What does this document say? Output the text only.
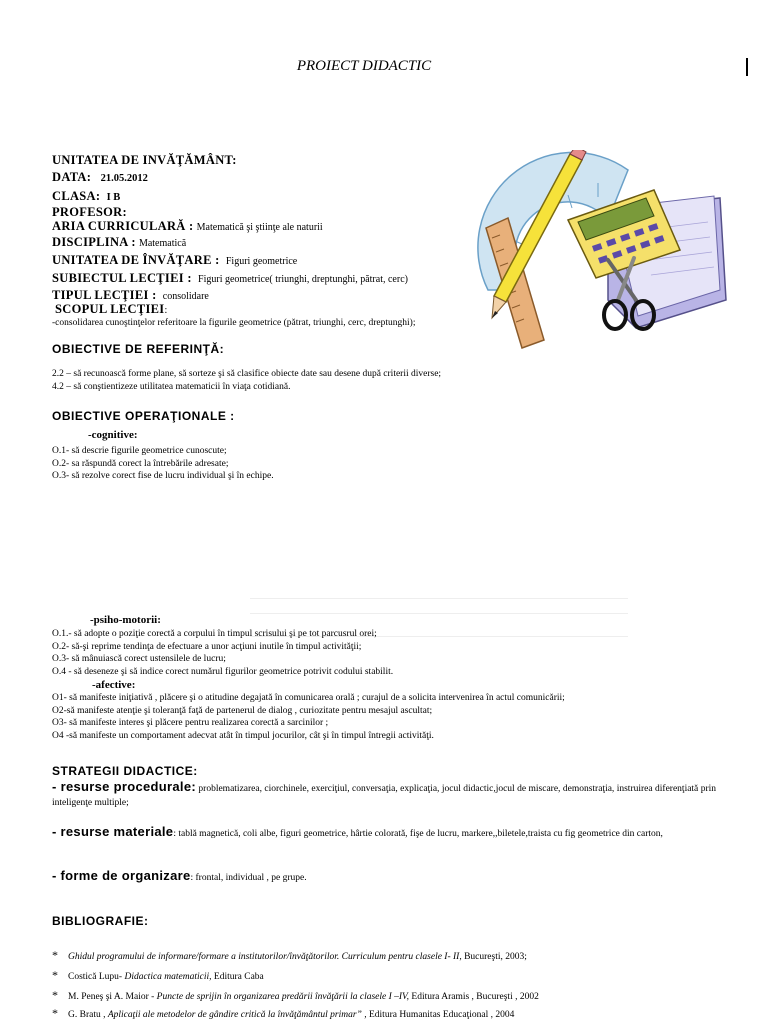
PROIECT DIDACTIC
UNITATEA DE INVĂŢĂMÂNT:
DATA: 21.05.2012
CLASA: I B
PROFESOR:
ARIA CURRICULARĂ : Matematică şi ştiinţe ale naturii
DISCIPLINA : Matematică
UNITATEA DE ÎNVĂŢARE : Figuri geometrice
SUBIECTUL LECŢIEI : Figuri geometrice( triunghi, dreptunghi, pătrat, cerc)
TIPUL LECŢIEI : consolidare
SCOPUL LECŢIEI:
-consolidarea cunoştinţelor referitoare la figurile geometrice (pătrat, triunghi, cerc, dreptunghi);
OBIECTIVE DE REFERINŢĂ:
2.2 – să recunoască forme plane, să sorteze şi să clasifice obiecte date sau desene după criterii diverse;
4.2 – să conştientizeze utilitatea matematicii în viaţa cotidiană.
OBIECTIVE OPERAŢIONALE :
-cognitive:
O.1- să descrie figurile geometrice cunoscute;
O.2- sa răspundă corect la întrebările adresate;
O.3- să rezolve corect fise de lucru individual şi în echipe.
-psiho-motorii:
O.1.- să adopte o poziţie corectă a corpului în timpul scrisului şi pe tot parcusrul orei;
O.2- să-şi reprime tendinţa de efectuare a unor acţiuni inutile în timpul activităţii;
O.3- să mânuiască corect ustensilele de lucru;
O.4 - să deseneze şi să indice corect numărul figurilor geometrice potrivit codului stabilit.
-afective:
O1- să manifeste iniţiativă , plăcere şi o atitudine degajată în comunicarea orală ; curajul de a solicita intervenirea în actul comunicării;
O2-să manifeste atenţie şi toleranţă faţă de partenerul de dialog , curiozitate pentru mesajul ascultat;
O3- să manifeste interes şi plăcere pentru realizarea corectă a sarcinilor ;
O4 -să manifeste un comportament adecvat atât în timpul jocurilor, cât şi în timpul întregii activităţi.
STRATEGII DIDACTICE:
- resurse procedurale: problematizarea, ciorchinele, exerciţiul, conversaţia, explicaţia, jocul didactic,jocul de miscare, demonstraţia, instruirea diferenţiată prin inteligenţe multiple;
- resurse materiale: tablă magnetică, coli albe, figuri geometrice, hârtie colorată, fişe de lucru, markere,,biletele,traista cu fig geometrice din carton,
- forme de organizare: frontal, individual , pe grupe.
BIBLIOGRAFIE:
* Ghidul programului de informare/formare a institutorilor/învăţătorilor. Curriculum pentru clasele I- II, Bucureşti, 2003;
* Costică Lupu- Didactica matematicii, Editura Caba
* M. Peneş şi A. Maior - Puncte de sprijin în organizarea predării învăţării la clasele I –IV, Editura Aramis , Bucureşti , 2002
* G. Bratu , Aplicaţii ale metodelor de gândire critică la învăţământul primar” , Editura Humanitas Educaţional , 2004
